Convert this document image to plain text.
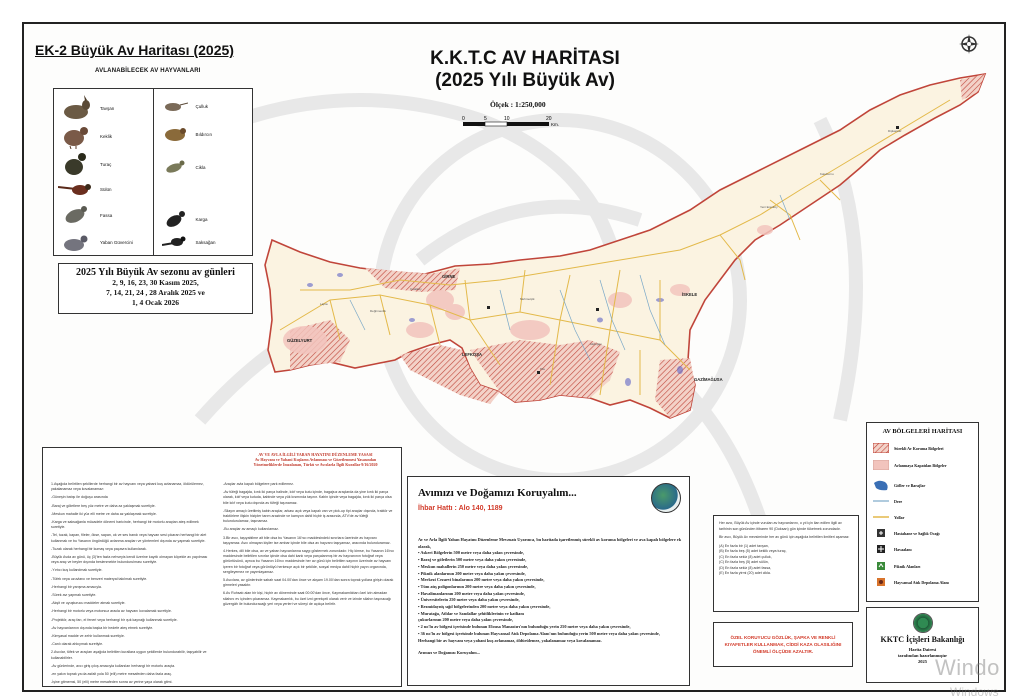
EK-2 Büyük Av Haritası (2025)
AVLANABİLECEK AV HAYVANLARI
Tavşan
Keklik
Turaç
Sülün
Fassa
Yaban Güvercini
Çulluk
Bıldırcın
Ciklа
Karga
Saksağan
2025 Yılı Büyük Av sezonu av günleri
2, 9, 16, 23, 30 Kasım 2025,
7, 14, 21, 24 , 28 Aralık 2025 ve
1, 4 Ocak 2026
K.K.T.C AV HARİTASI
(2025 Yılı Büyük Av)
Ölçek : 1:250,000
0	5	10	20
Km.
GÜZELYURT
LEFKOŞA
GİRNE
GAZİMAĞUSA
İSKELE
Dipkarpaz
Lapta
Değirmenlik
Mehmetçik
Akdoğan
Yeni Erenköy
Kaleburnu
Pile
Çatalköy
AV VE AVLA İLGİLİ YABAN HAYATINI DÜZENLEME YASASI
Av Hayvanı ve Yabani Kuşların Avlanması ve Gözetlenmesi Yasasından
Yönetmeliklerde İmzalanan, Türkü ve Avcılarla İlgili Kurallar 9/16/2020

1.Aşağıda belirtilen şekillerde herhangi bir av hayvanı veya yabani kuş avlanamaz, öldürülemez, yakalanamaz veya kovalanamaz:

-Güneşin batışı ile doğuşu arasında

-Baraj ve göletlere beş yüz metre ve daha az yaklaşmak suretiyle.

-Meskun mahalle iki yüz elli metre ve daha az yaklaşmak suretiyle.

-Karga ve saksağanla mücadele dönemi haricinde, herhangi bir motorlu araçtan ateş edilmek suretiyle.

-Tel, tuzak, kapan, fileler, ökse, sapan, ok ve ses bandı veya hayvan sesi çıkaran herhangi bir alet kullanmak ve bu Yasanın öngördüğü avlanma araçları ve yöntemleri dışında av yapmak suretiyle.

-Tuzak olarak herhangi bir kumaş veya paçavra kullanılarak.

-Büyük Avda av günü, üç (3)'ten fazla nehveyis kendi üzerine kayıtlı olmayan köpekle av yapılması veya araç ve beyler dışında beslenmekte bulundurulması suretiyle.

-Yırtıcı kuş kullanılmak suretiyle.

-Tüfek veya uzuvlarcı ve benzeri materyal takılmak suretiyle.

-Herhangi bir yarışma amacıyla.

-Sürek avı yapmak suretiyle.

-Akşit ve uyuşturucu maddeler atmak suretiyle.

-Herhangi bir motorlu veya motorsuz aracla av hayvanı kovalamak suretiyle.

-Projektör, araç farı, el feneri veya herhangi bir ışık kaynağı kullanmak suretiyle.

-Av hayvanlarının dışında başka bir hedefe ateş etmek suretiyle.

-Kimyasal madde ve zehir kullanmak suretiyle.

-Canlı olarak ahkıymak suretiyle.

2.Avcılar, tüfek ve araçları aşağıda belirtilen kurallara uygun şekillerde bulundurabilir, taşıyabilir ve kullanabilirler.

-Av günlerinde, avcı giriş çıkış amacıyla kullanılan herhangi bir motorlu araçta.

-en yakın toprak ya da asfalt yola 50 (elli) metre mesafeden daha fazla araç.

-İşine gitmemsi, 50 (elli) metre mesafeden sonra av yerine yaya olarak gitmi.

-Araçlar avla kapalı bölgelere park edilemez.

-Av tüfeği bagajda, kırık iki parça halinde, kılıf veya kutu içinde, bagajsız araçlarda da yine kırık iki parça olarak, kılıf veya kutuda, kabinde veya yük kısmında taşınır. Kabin içinde veya bagajda, kırık iki parça olsa bile kılıf veya kutu dışında av tüfeği taşınamaz.

-Silayın amaçlı üretilmiş kabin araçlar, arkası açık veya kapalı van ve pick-up tipi araçlar dışında, traktör ve traktörlere ilişkin hizipler tarım arazinde ve kamyon dahil hiçbir iş arasında, ATV'de av tüfeği bulundurulamaz, taşınamaz.

-Bu araçlar av amaçlı kullanılamaz.

3.Bir avcı, taşıyabilme ait bile olsa bu Yasanın 16'ncı maddesindeki sınırlara üzerinde av hayvanı taşıyamaz. Avcı olmayan kişiler ise ambar içinde bile olsa av hayvanı taşıyamaz, aracında bulunduramaz.

4.Herkes, dili bile olsa, av ve yaban hayvanlarına saygı göstermek zorundadır. Hiç kimse, bu Yasanın 16'ncı maddesinde belirtilen sınırlar içinde olsa dahi kanlı veya parçalanmış bir av hayvanının fotoğraf veya görüntüsünü, ayrıca bu Yasanın 16'ncı maddesinde her av günü için belirtilen sayının üzerinde av hayvanı içeren bir fotoğraf veya görüntüyü herkesçe açık bir şekilde, sosyal medya dahil hiçbir yayın organında, sergileyemez ve yayımlayamaz.

5.Avcılara, av günlerinde sabah saat 04.00'dan önce ve akşam 19.00'dan sonra toprak yollara girişin olarak girmeleri yasaktır.

6.Av Ruhsatı alan bir kişi, hiçbir av döneminde saat 00:00'dan önce, Kaymakamlıktan özel izin almadan silahını ev içinden çıkaramaz. Kaymakamlık, bu özel izni gerekçeli olarak verir ve izinde silahın taşınacağı güzergâh ile bulunduracağı yeri veya yerleri ve süreyi de açıkça belirtir.

Avımızı ve Doğamızı Koruyalım...
İhbar Hattı : Alo 140, 1189
Av ve Avla İlgili Yaban Hayatını Düzenleme Mevzuatı Uyarınca, bu haritada işaretlenmiş sürekli av koruma bölgeleri ve ava kapalı bölgelere ek olarak,
• Askeri Bölgelerin 500 metre veya daha yakın çevresinde,
• Baraj ve göletlerin 500 metre veya daha yakın çevresinde,
• Meskun mahallerin 250 metre veya daha yakın çevresinde,
• Piknik alanlarının 200 metre veya daha yakın çevresinde,
• Merkezi Cezaevi binalarının 200 metre veya daha yakın çevresinde,
• Tüm atış poligonlarının 200 metre veya daha yakın çevresinde,
• Havalimanlarının 200 metre veya daha yakın çevresinde,
• Üniversitelerin 250 metre veya daha yakın çevresinde,
• Rezmidayniş sığıl bölgelerinden 200 metre veya daha yakın çevresinde,
• Muratağa, Atlılar ve Sandallar şehitliklerinin ve katliam
çukurlarının 200 metre veya daha yakın çevresinde,
• 2 no'lu av bölgesi içerisinde bulunan Elousa Manastırı'nın bulunduğu yerin 250 metre veya daha yakın çevresinde,
• 36 no'lu av bölgesi içerisinde bulunan Hayvansal Atık Depolama Alanı'nın bulunduğu yerin 500 metre veya daha yakın çevresinde,
Herhangi bir av hayvanı veya yabani kuş avlanamaz, öldürülemez, yakalanamaz veya kovalanamaz.
Avımızı ve Doğamızı Koruyalım...

Her avcı, Büyük Av içinde vurulan av hayvanlarını, o yıl için ilan edilen ilgili av tarihinin son gününden itibaren 90 (Doksan) gün içinde tüketmek zorundadır.

Bir avcı, Büyük Av mevsiminde her av günü için aşağıda belirtilen limitleri aşamaz:

(A) En fazla bir (1) adet tavşan,
(B) En fazla beş (5) adet keklik veya turaç,
(C) En fazla sekiz (8) adet çulluk,
(C) En fazla beş (5) adet sülün,
(D) En fazla sekiz (8) adet fassa,
(E) En fazla yirmi (20) adet ciklа.
ÖZEL KORUYUCU GÖZLÜK, ŞAPKA VE RENKLİ KIYAFETLER KULLANMAK, CİDDİ KAZA OLASILIĞINI ÖNEMLİ ÖLÇÜDE AZALTIR.
AV BÖLGELERİ HARİTASI
Sürekli Av Koruma Bölgeleri
Avlanmaya Kapatılan Bölgeler
Göller ve Barajlar
Dere
Yollar
Hastahane ve Sağlık Ocağı
Havaalanı
Piknik Alanları
Hayvansal Atık Depolama Alanı
KKTC İçişleri Bakanlığı
Harita Dairesi
tarafından hazırlanmıştır
2025 Windo
Windows
